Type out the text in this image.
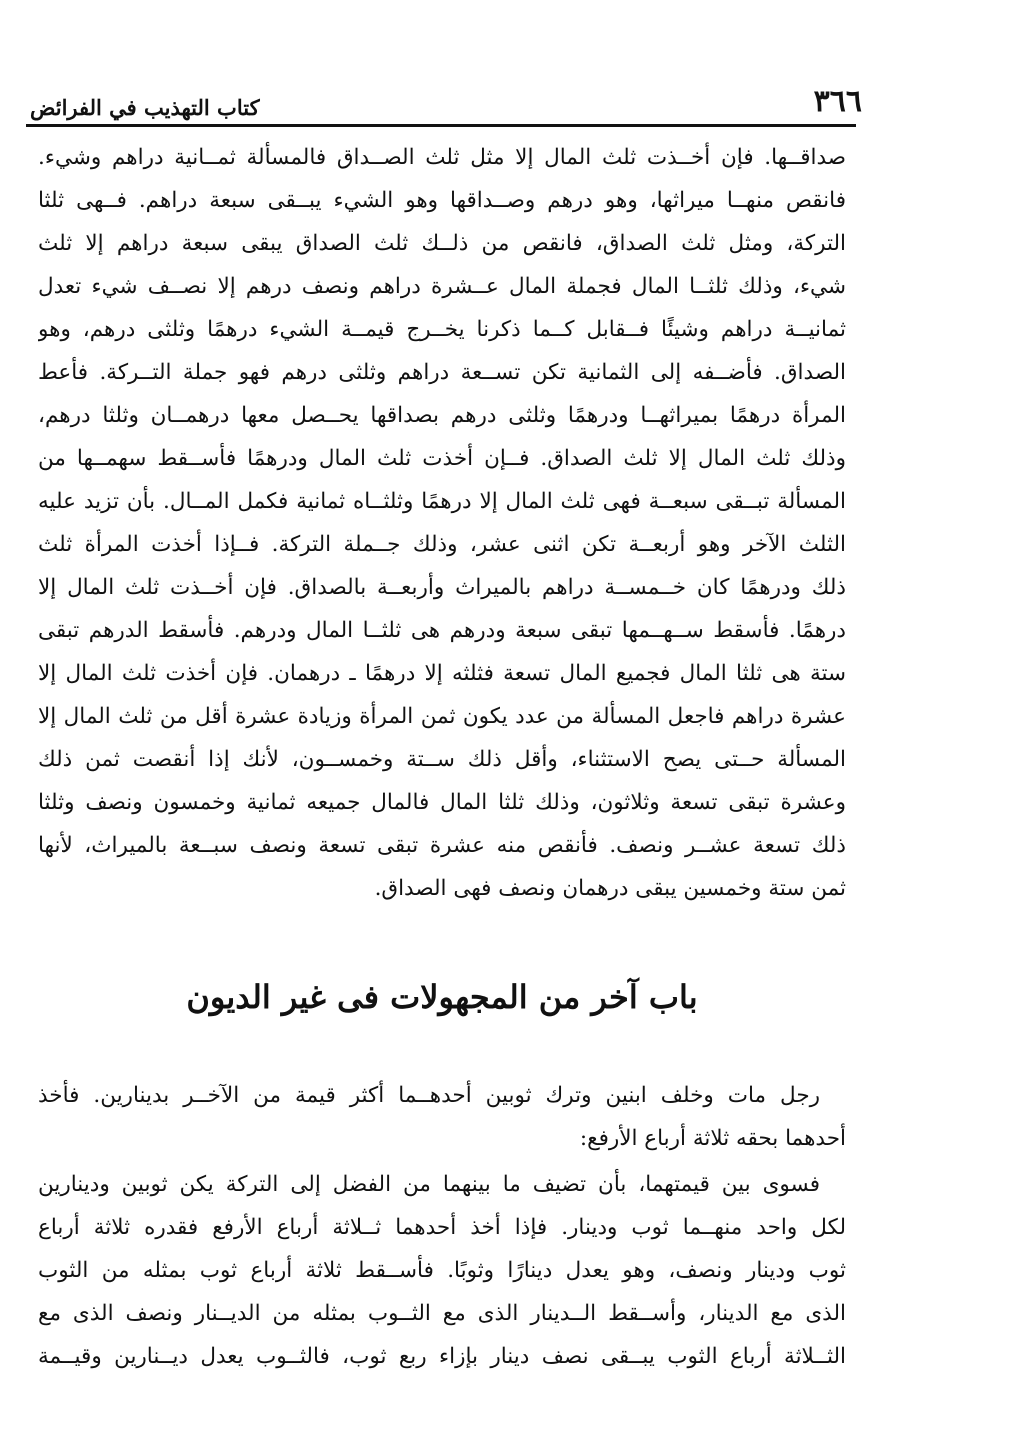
٣٦٦
كتاب التهذيب في الفرائض
صداقــها. فإن أخــذت ثلث المال إلا مثل ثلث الصــداق فالمسألة ثمــانية دراهم وشيء.
فانقص منهــا ميراثها، وهو درهم وصــداقها وهو الشيء يبــقى سبعة دراهم. فــهى ثلثا
التركة، ومثل ثلث الصداق، فانقص من ذلــك ثلث الصداق يبقى سبعة دراهم إلا ثلث
شيء، وذلك ثلثــا المال فجملة المال عــشرة دراهم ونصف درهم إلا نصــف شيء تعدل
ثمانيــة دراهم وشيئًا فــقابل كــما ذكرنا يخــرج قيمــة الشيء درهمًا وثلثى درهم، وهو
الصداق. فأضــفه إلى الثمانية تكن تســعة دراهم وثلثى درهم فهو جملة التــركة. فأعط
المرأة درهمًا بميراثهــا ودرهمًا وثلثى درهم بصداقها يحــصل معها درهمــان وثلثا درهم،
وذلك ثلث المال إلا ثلث الصداق. فــإن أخذت ثلث المال ودرهمًا فأســقط سهمــها من
المسألة تبــقى سبعــة فهى ثلث المال إلا درهمًا وثلثــاه ثمانية فكمل المــال. بأن تزيد عليه
الثلث الآخر وهو أربعــة تكن اثنى عشر، وذلك جــملة التركة. فــإذا أخذت المرأة ثلث
ذلك ودرهمًا كان خــمســة دراهم بالميراث وأربعــة بالصداق. فإن أخــذت ثلث المال إلا
درهمًا. فأسقط ســهــمها تبقى سبعة ودرهم هى ثلثــا المال ودرهم. فأسقط الدرهم تبقى
ستة هى ثلثا المال فجميع المال تسعة فثلثه إلا درهمًا ـ درهمان. فإن أخذت ثلث المال إلا
عشرة دراهم فاجعل المسألة من عدد يكون ثمن المرأة وزيادة عشرة أقل من ثلث المال إلا
المسألة حــتى يصح الاستثناء، وأقل ذلك ســتة وخمســون، لأنك إذا أنقصت ثمن ذلك
وعشرة تبقى تسعة وثلاثون، وذلك ثلثا المال فالمال جميعه ثمانية وخمسون ونصف وثلثا
ذلك تسعة عشــر ونصف. فأنقص منه عشرة تبقى تسعة ونصف سبــعة بالميراث، لأنها
ثمن ستة وخمسين يبقى درهمان ونصف فهى الصداق.
باب آخر من المجهولات فى غير الديون
رجل مات وخلف ابنين وترك ثوبين أحدهــما أكثر قيمة من الآخــر بدينارين. فأخذ
أحدهما بحقه ثلاثة أرباع الأرفع:
فسوى بين قيمتهما، بأن تضيف ما بينهما من الفضل إلى التركة يكن ثوبين ودينارين
لكل واحد منهــما ثوب ودينار. فإذا أخذ أحدهما ثــلاثة أرباع الأرفع فقدره ثلاثة أرباع
ثوب ودينار ونصف، وهو يعدل دينارًا وثوبًا. فأســقط ثلاثة أرباع ثوب بمثله من الثوب
الذى مع الدينار، وأســقط الــدينار الذى مع الثــوب بمثله من الديــنار ونصف الذى مع
الثــلاثة أرباع الثوب يبــقى نصف دينار بإزاء ربع ثوب، فالثــوب يعدل ديــنارين وقيــمة
